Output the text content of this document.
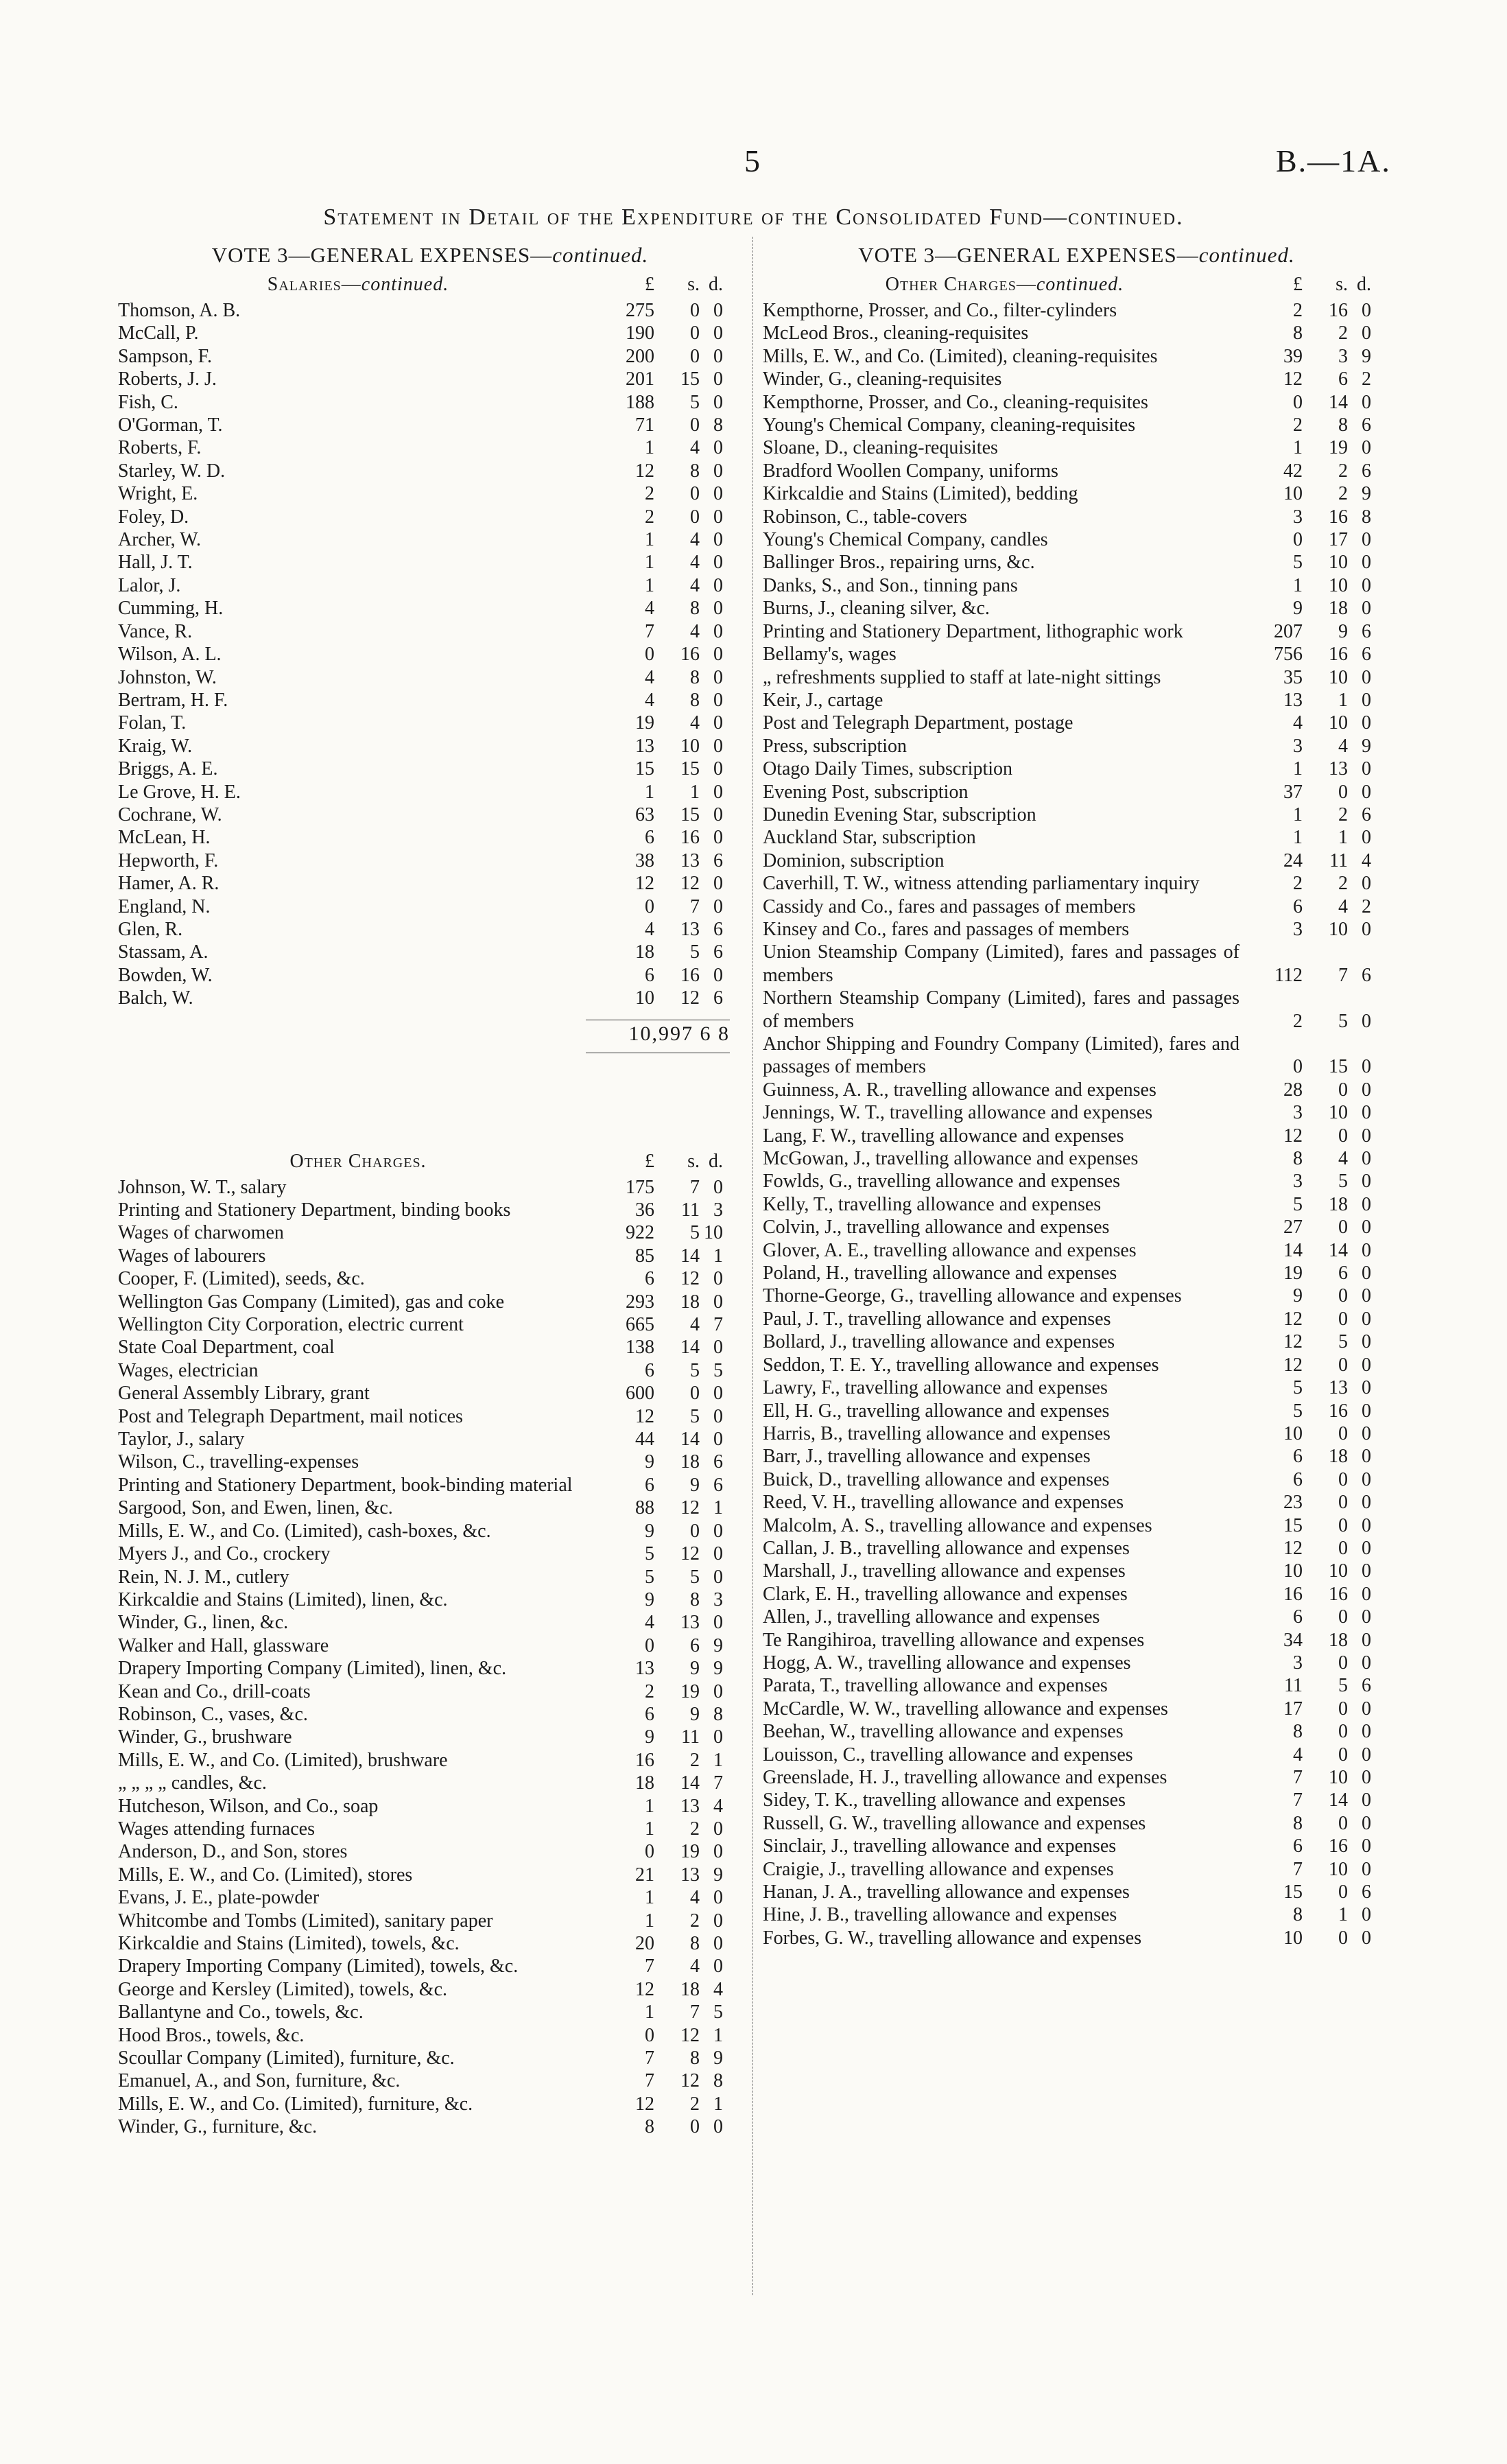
5	B.—1A.
Statement in Detail of the Expenditure of the Consolidated Fund—continued.
VOTE 3—GENERAL EXPENSES—continued.
Salaries—continued.	£	s. d.
Thomson, A. B.	275	0 0
McCall, P.	190	0 0
Sampson, F.	200	0 0
Roberts, J. J.	201	15 0
Fish, C.	188	5 0
O'Gorman, T.	71	0 8
Roberts, F.	1	4 0
Starley, W. D.	12	8 0
Wright, E.	2	0 0
Foley, D.	2	0 0
Archer, W.	1	4 0
Hall, J. T.	1	4 0
Lalor, J.	1	4 0
Cumming, H.	4	8 0
Vance, R.	7	4 0
Wilson, A. L.	0	16 0
Johnston, W.	4	8 0
Bertram, H. F.	4	8 0
Folan, T.	19	4 0
Kraig, W.	13	10 0
Briggs, A. E.	15	15 0
Le Grove, H. E.	1	1 0
Cochrane, W.	63	15 0
McLean, H.	6	16 0
Hepworth, F.	38	13 6
Hamer, A. R.	12	12 0
England, N.	0	7 0
Glen, R.	4	13 6
Stassam, A.	18	5 6
Bowden, W.	6	16 0
Balch, W.	10	12 6
10,997 6 8
Other Charges.	£	s. d.
Johnson, W. T., salary	175	7 0
Printing and Stationery Department, binding books	36	11 3
Wages of charwomen	922	5 10
Wages of labourers	85	14 1
Cooper, F. (Limited), seeds, &c.	6	12 0
Wellington Gas Company (Limited), gas and coke	293	18 0
Wellington City Corporation, electric current	665	4 7
State Coal Department, coal	138	14 0
Wages, electrician	6	5 5
General Assembly Library, grant	600	0 0
Post and Telegraph Department, mail notices	12	5 0
Taylor, J., salary	44	14 0
Wilson, C., travelling-expenses	9	18 6
Printing and Stationery Department, book-binding material	6	9 6
Sargood, Son, and Ewen, linen, &c.	88	12 1
Mills, E. W., and Co. (Limited), cash-boxes, &c.	9	0 0
Myers J., and Co., crockery	5	12 0
Rein, N. J. M., cutlery	5	5 0
Kirkcaldie and Stains (Limited), linen, &c.	9	8 3
Winder, G., linen, &c.	4	13 0
Walker and Hall, glassware	0	6 9
Drapery Importing Company (Limited), linen, &c.	13	9 9
Kean and Co., drill-coats	2	19 0
Robinson, C., vases, &c.	6	9 8
Winder, G., brushware	9	11 0
Mills, E. W., and Co. (Limited), brushware	16	2 1
„ „ „ „ candles, &c.	18	14 7
Hutcheson, Wilson, and Co., soap	1	13 4
Wages attending furnaces	1	2 0
Anderson, D., and Son, stores	0	19 0
Mills, E. W., and Co. (Limited), stores	21	13 9
Evans, J. E., plate-powder	1	4 0
Whitcombe and Tombs (Limited), sanitary paper	1	2 0
Kirkcaldie and Stains (Limited), towels, &c.	20	8 0
Drapery Importing Company (Limited), towels, &c.	7	4 0
George and Kersley (Limited), towels, &c.	12	18 4
Ballantyne and Co., towels, &c.	1	7 5
Hood Bros., towels, &c.	0	12 1
Scoullar Company (Limited), furniture, &c.	7	8 9
Emanuel, A., and Son, furniture, &c.	7	12 8
Mills, E. W., and Co. (Limited), furniture, &c.	12	2 1
Winder, G., furniture, &c.	8	0 0
VOTE 3—GENERAL EXPENSES—continued.
Other Charges—continued.	£	s. d.
Kempthorne, Prosser, and Co., filter-cylinders	2	16 0
McLeod Bros., cleaning-requisites	8	2 0
Mills, E. W., and Co. (Limited), cleaning-requisites	39	3 9
Winder, G., cleaning-requisites	12	6 2
Kempthorne, Prosser, and Co., cleaning-requisites	0	14 0
Young's Chemical Company, cleaning-requisites	2	8 6
Sloane, D., cleaning-requisites	1	19 0
Bradford Woollen Company, uniforms	42	2 6
Kirkcaldie and Stains (Limited), bedding	10	2 9
Robinson, C., table-covers	3	16 8
Young's Chemical Company, candles	0	17 0
Ballinger Bros., repairing urns, &c.	5	10 0
Danks, S., and Son., tinning pans	1	10 0
Burns, J., cleaning silver, &c.	9	18 0
Printing and Stationery Department, lithographic work	207	9 6
Bellamy's, wages	756	16 6
„ refreshments supplied to staff at late-night sittings	35	10 0
Keir, J., cartage	13	1 0
Post and Telegraph Department, postage	4	10 0
Press, subscription	3	4 9
Otago Daily Times, subscription	1	13 0
Evening Post, subscription	37	0 0
Dunedin Evening Star, subscription	1	2 6
Auckland Star, subscription	1	1 0
Dominion, subscription	24	11 4
Caverhill, T. W., witness attending parliamentary inquiry	2	2 0
Cassidy and Co., fares and passages of members	6	4 2
Kinsey and Co., fares and passages of members	3	10 0
Union Steamship Company (Limited), fares and passages of members	112	7 6
Northern Steamship Company (Limited), fares and passages of members	2	5 0
Anchor Shipping and Foundry Company (Limited), fares and passages of members	0	15 0
Guinness, A. R., travelling allowance and expenses	28	0 0
Jennings, W. T., travelling allowance and expenses	3	10 0
Lang, F. W., travelling allowance and expenses	12	0 0
McGowan, J., travelling allowance and expenses	8	4 0
Fowlds, G., travelling allowance and expenses	3	5 0
Kelly, T., travelling allowance and expenses	5	18 0
Colvin, J., travelling allowance and expenses	27	0 0
Glover, A. E., travelling allowance and expenses	14	14 0
Poland, H., travelling allowance and expenses	19	6 0
Thorne-George, G., travelling allowance and expenses	9	0 0
Paul, J. T., travelling allowance and expenses	12	0 0
Bollard, J., travelling allowance and expenses	12	5 0
Seddon, T. E. Y., travelling allowance and expenses	12	0 0
Lawry, F., travelling allowance and expenses	5	13 0
Ell, H. G., travelling allowance and expenses	5	16 0
Harris, B., travelling allowance and expenses	10	0 0
Barr, J., travelling allowance and expenses	6	18 0
Buick, D., travelling allowance and expenses	6	0 0
Reed, V. H., travelling allowance and expenses	23	0 0
Malcolm, A. S., travelling allowance and expenses	15	0 0
Callan, J. B., travelling allowance and expenses	12	0 0
Marshall, J., travelling allowance and expenses	10	10 0
Clark, E. H., travelling allowance and expenses	16	16 0
Allen, J., travelling allowance and expenses	6	0 0
Te Rangihiroa, travelling allowance and expenses	34	18 0
Hogg, A. W., travelling allowance and expenses	3	0 0
Parata, T., travelling allowance and expenses	11	5 6
McCardle, W. W., travelling allowance and expenses	17	0 0
Beehan, W., travelling allowance and expenses	8	0 0
Louisson, C., travelling allowance and expenses	4	0 0
Greenslade, H. J., travelling allowance and expenses	7	10 0
Sidey, T. K., travelling allowance and expenses	7	14 0
Russell, G. W., travelling allowance and expenses	8	0 0
Sinclair, J., travelling allowance and expenses	6	16 0
Craigie, J., travelling allowance and expenses	7	10 0
Hanan, J. A., travelling allowance and expenses	15	0 6
Hine, J. B., travelling allowance and expenses	8	1 0
Forbes, G. W., travelling allowance and expenses	10	0 0
